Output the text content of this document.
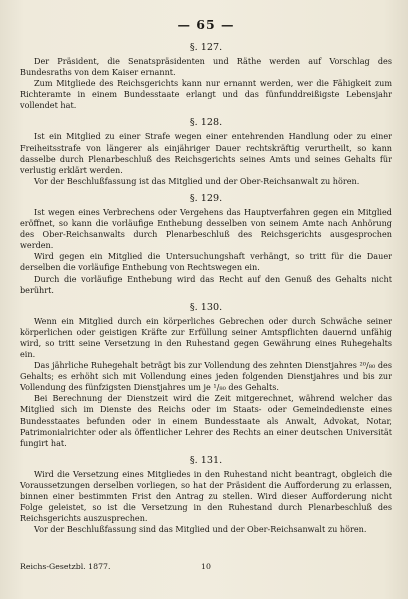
— 65 —
§. 127.

Der Präsident, die Senatspräsidenten und Räthe werden auf Vorschlag des Bundesraths von dem Kaiser ernannt.

Zum Mitgliede des Reichsgerichts kann nur ernannt werden, wer die Fähigkeit zum Richteramte in einem Bundesstaate erlangt und das fünfunddreißigste Lebensjahr vollendet hat.

§. 128.

Ist ein Mitglied zu einer Strafe wegen einer entehrenden Handlung oder zu einer Freiheitsstrafe von längerer als einjähriger Dauer rechtskräftig verurtheilt, so kann dasselbe durch Plenarbeschluß des Reichsgerichts seines Amts und seines Gehalts für verlustig erklärt werden.

Vor der Beschlußfassung ist das Mitglied und der Ober-Reichsanwalt zu hören.

§. 129.

Ist wegen eines Verbrechens oder Vergehens das Hauptverfahren gegen ein Mitglied eröffnet, so kann die vorläufige Enthebung desselben von seinem Amte nach Anhörung des Ober-Reichsanwalts durch Plenarbeschluß des Reichsgerichts ausgesprochen werden.

Wird gegen ein Mitglied die Untersuchungshaft verhängt, so tritt für die Dauer derselben die vorläufige Enthebung von Rechtswegen ein.

Durch die vorläufige Enthebung wird das Recht auf den Genuß des Gehalts nicht berührt.

§. 130.

Wenn ein Mitglied durch ein körperliches Gebrechen oder durch Schwäche seiner körperlichen oder geistigen Kräfte zur Erfüllung seiner Amtspflichten dauernd unfähig wird, so tritt seine Versetzung in den Ruhestand gegen Gewährung eines Ruhegehalts ein.

Das jährliche Ruhegehalt beträgt bis zur Vollendung des zehnten Dienstjahres ²⁰/₈₀ des Gehalts; es erhöht sich mit Vollendung eines jeden folgenden Dienstjahres und bis zur Vollendung des fünfzigsten Dienstjahres um je ¹/₈₀ des Gehalts.

Bei Berechnung der Dienstzeit wird die Zeit mitgerechnet, während welcher das Mitglied sich im Dienste des Reichs oder im Staats- oder Gemeindedienste eines Bundesstaates befunden oder in einem Bundesstaate als Anwalt, Advokat, Notar, Patrimonialrichter oder als öffentlicher Lehrer des Rechts an einer deutschen Universität fungirt hat.

§. 131.

Wird die Versetzung eines Mitgliedes in den Ruhestand nicht beantragt, obgleich die Voraussetzungen derselben vorliegen, so hat der Präsident die Aufforderung zu erlassen, binnen einer bestimmten Frist den Antrag zu stellen. Wird dieser Aufforderung nicht Folge geleistet, so ist die Versetzung in den Ruhestand durch Plenarbeschluß des Reichsgerichts auszusprechen.

Vor der Beschlußfassung sind das Mitglied und der Ober-Reichsanwalt zu hören.

Reichs-Gesetzbl. 1877.	10
